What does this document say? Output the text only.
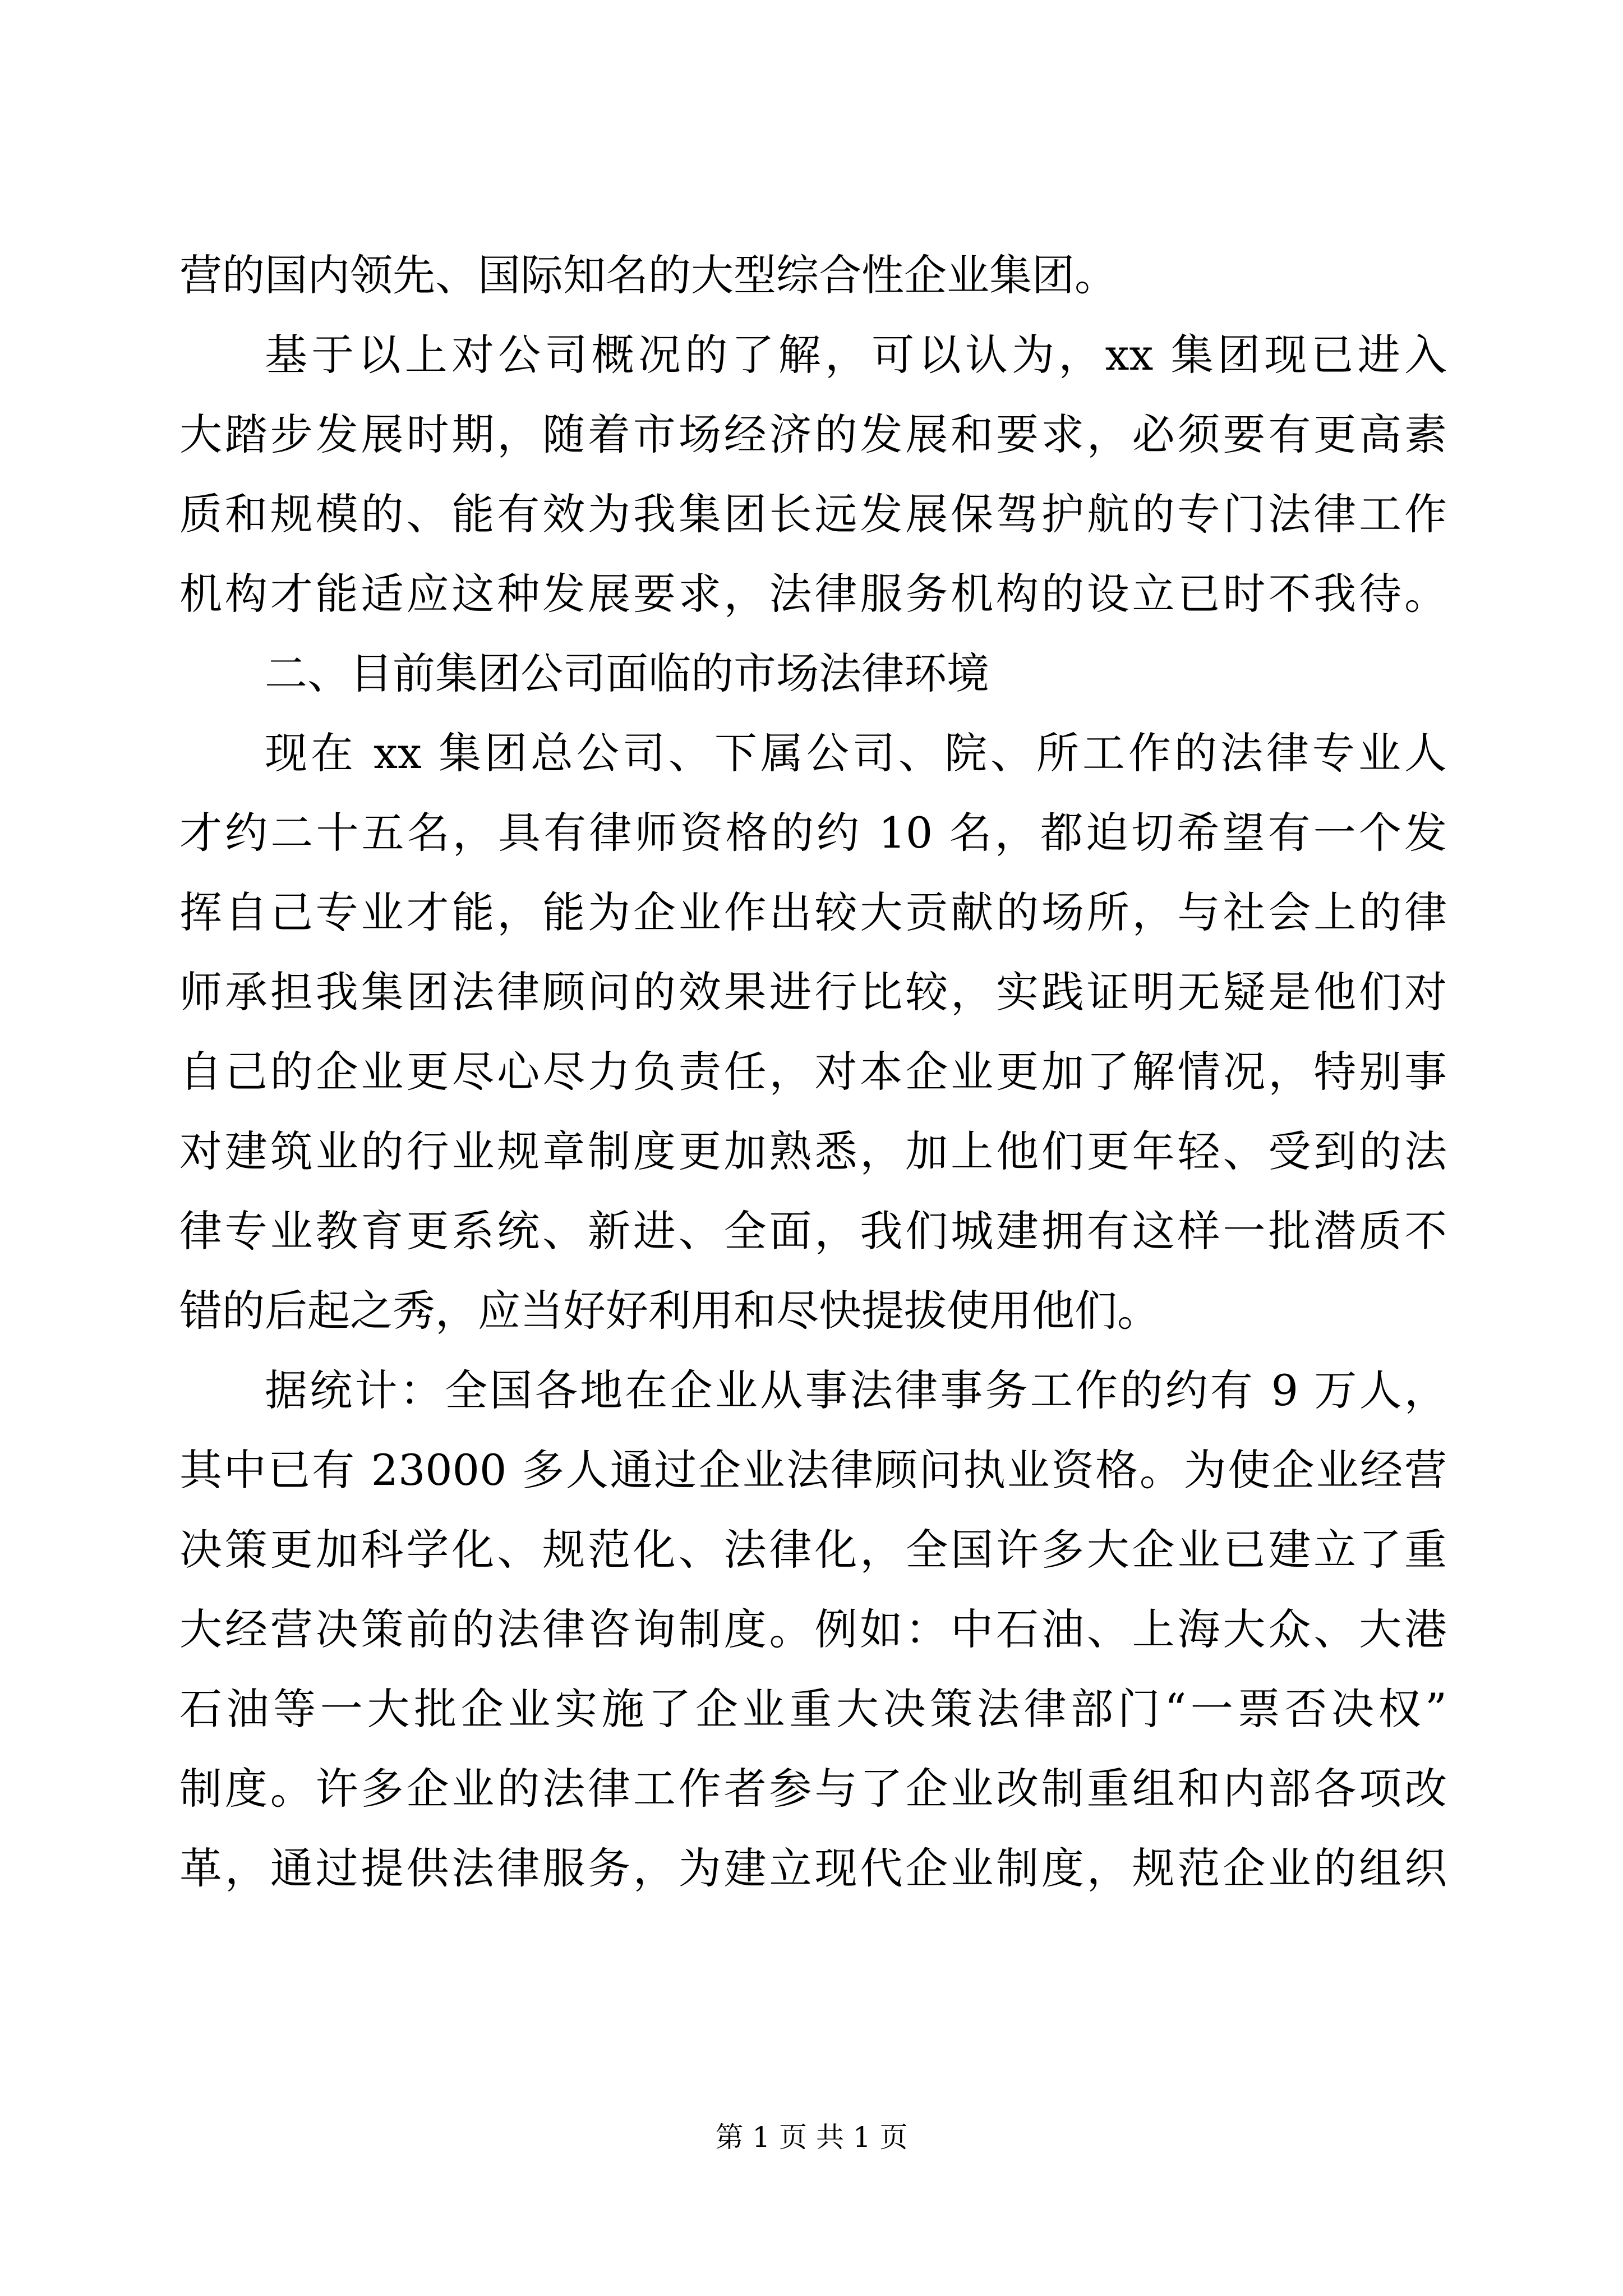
营的国内领先、国际知名的大型综合性企业集团。
基于以上对公司概况的了解，可以认为，xx 集团现已进入
大踏步发展时期，随着市场经济的发展和要求，必须要有更高素
质和规模的、能有效为我集团长远发展保驾护航的专门法律工作
机构才能适应这种发展要求，法律服务机构的设立已时不我待。
二、目前集团公司面临的市场法律环境
现在 xx 集团总公司、下属公司、院、所工作的法律专业人
才约二十五名，具有律师资格的约 10 名，都迫切希望有一个发
挥自己专业才能，能为企业作出较大贡献的场所，与社会上的律
师承担我集团法律顾问的效果进行比较，实践证明无疑是他们对
自己的企业更尽心尽力负责任，对本企业更加了解情况，特别事
对建筑业的行业规章制度更加熟悉，加上他们更年轻、受到的法
律专业教育更系统、新进、全面，我们城建拥有这样一批潜质不
错的后起之秀，应当好好利用和尽快提拔使用他们。
据统计：全国各地在企业从事法律事务工作的约有 9 万人，
其中已有 23000 多人通过企业法律顾问执业资格。为使企业经营
决策更加科学化、规范化、法律化，全国许多大企业已建立了重
大经营决策前的法律咨询制度。例如：中石油、上海大众、大港
石油等一大批企业实施了企业重大决策法律部门“一票否决权”
制度。许多企业的法律工作者参与了企业改制重组和内部各项改
革，通过提供法律服务，为建立现代企业制度，规范企业的组织
第 1 页 共 1 页
